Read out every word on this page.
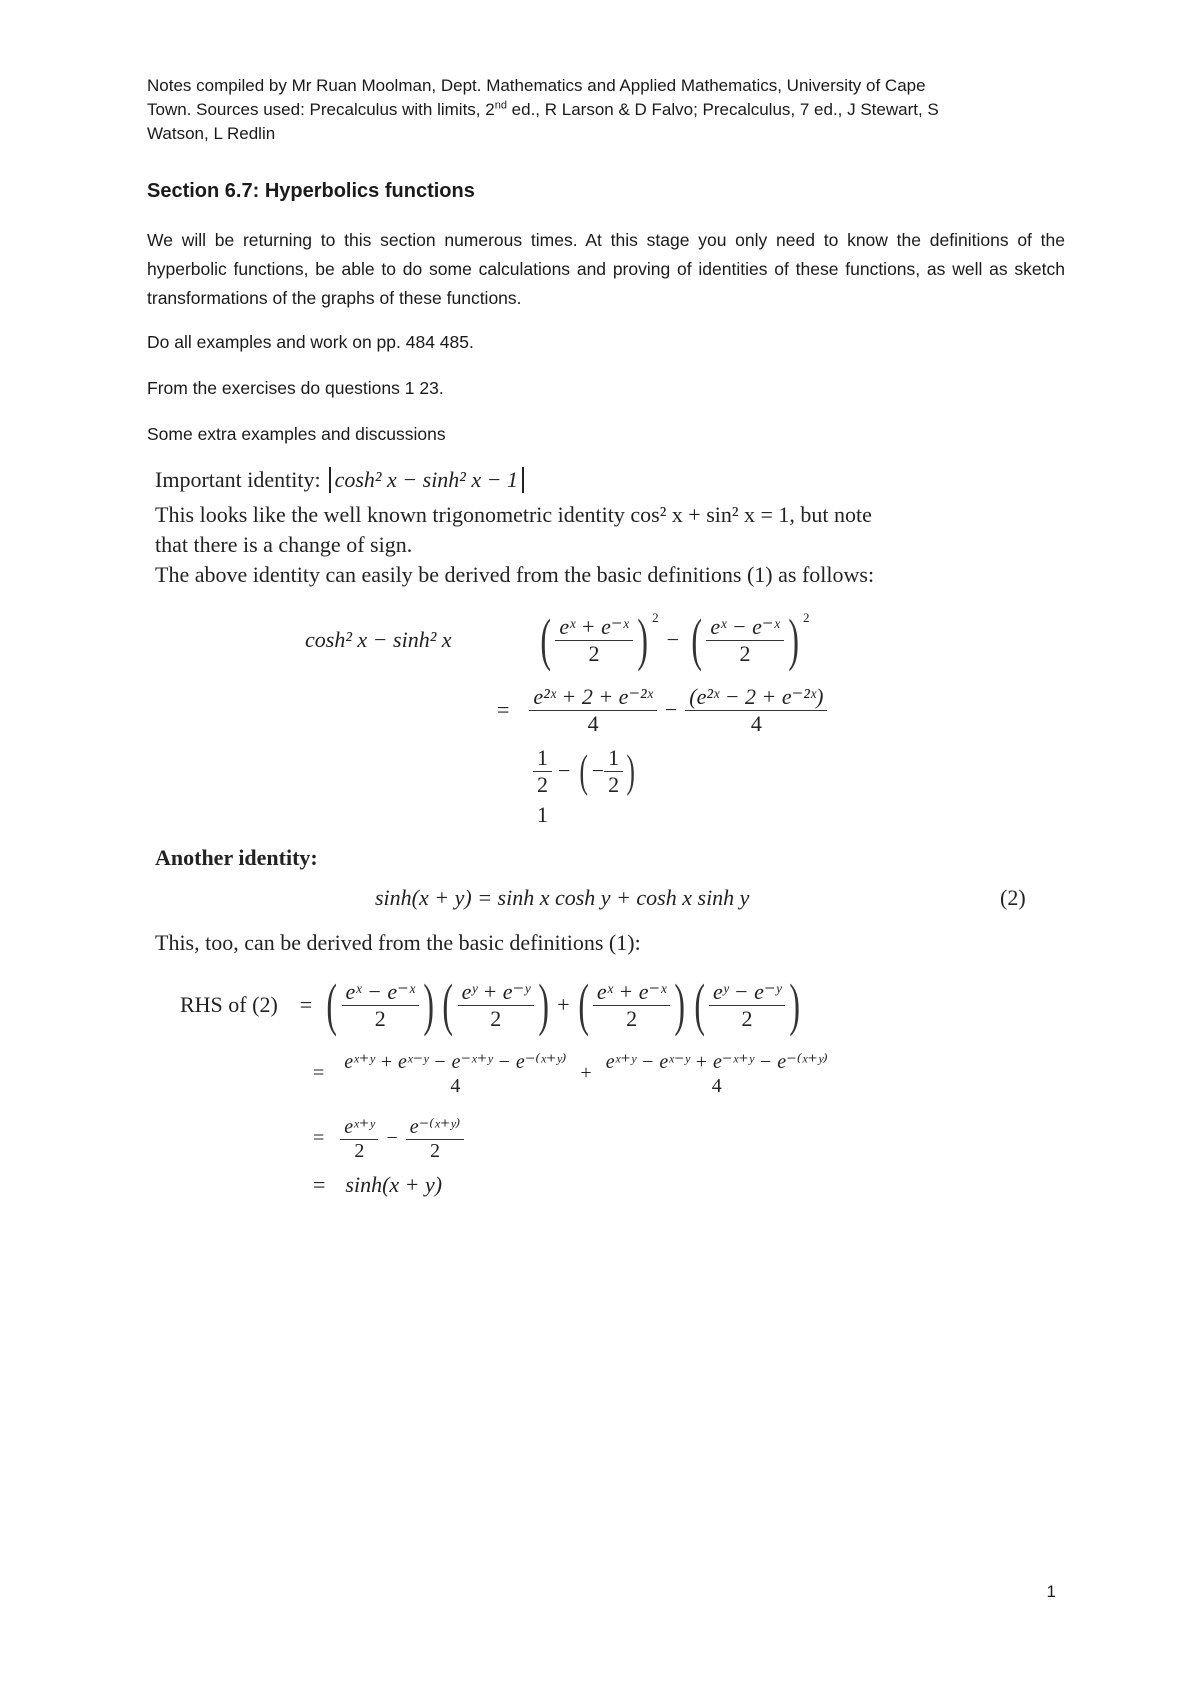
Notes compiled by Mr Ruan Moolman, Dept. Mathematics and Applied Mathematics, University of Cape
Town. Sources used: Precalculus with limits, 2nd ed., R Larson & D Falvo; Precalculus, 7 ed., J Stewart, S
Watson, L Redlin
Section 6.7: Hyperbolics functions
We will be returning to this section numerous times. At this stage you only need to know the definitions of the hyperbolic functions, be able to do some calculations and proving of identities of these functions, as well as sketch transformations of the graphs of these functions.
Do all examples and work on pp. 484 485.
From the exercises do questions 1 23.
Some extra examples and discussions
Important identity: cosh² x − sinh² x − 1
This looks like the well known trigonometric identity cos² x + sin² x = 1, but note
that there is a change of sign.
The above identity can easily be derived from the basic definitions (1) as follows:
cosh² x − sinh² x ( $\frac{\text{eˣ + e⁻ˣ}}{2}$ ) 2
− ( $\frac{\text{eˣ − e⁻ˣ}}{2}$ ) 2
= $\frac{\text{e²ˣ + 2 + e⁻²ˣ}}{4} - \frac{\text{(e²ˣ − 2 + e⁻²ˣ)}}{4}$
$\frac{1}{2}$ − ( − $\frac{1}{2}$ )
1
Another identity:
sinh(x + y) = sinh x cosh y + cosh x sinh y	(2)
This, too, can be derived from the basic definitions (1):
RHS of (2) = ( $\frac{\text{eˣ − e⁻ˣ}}{2}$ ) ( $\frac{\text{eʸ + e⁻ʸ}}{2}$ ) + ( $\frac{\text{eˣ + e⁻ˣ}}{2}$ ) ( $\frac{\text{eʸ − e⁻ʸ}}{2}$ )
= $\frac{\text{eˣ⁺ʸ + eˣ⁻ʸ − e⁻ˣ⁺ʸ − e⁻⁽ˣ⁺ʸ⁾}}{4} + \frac{\text{eˣ⁺ʸ − eˣ⁻ʸ + e⁻ˣ⁺ʸ − e⁻⁽ˣ⁺ʸ⁾}}{4}$
= $\frac{\text{eˣ⁺ʸ}}{2} - \frac{\text{e⁻⁽ˣ⁺ʸ⁾}}{2}$
= sinh(x + y)
1
